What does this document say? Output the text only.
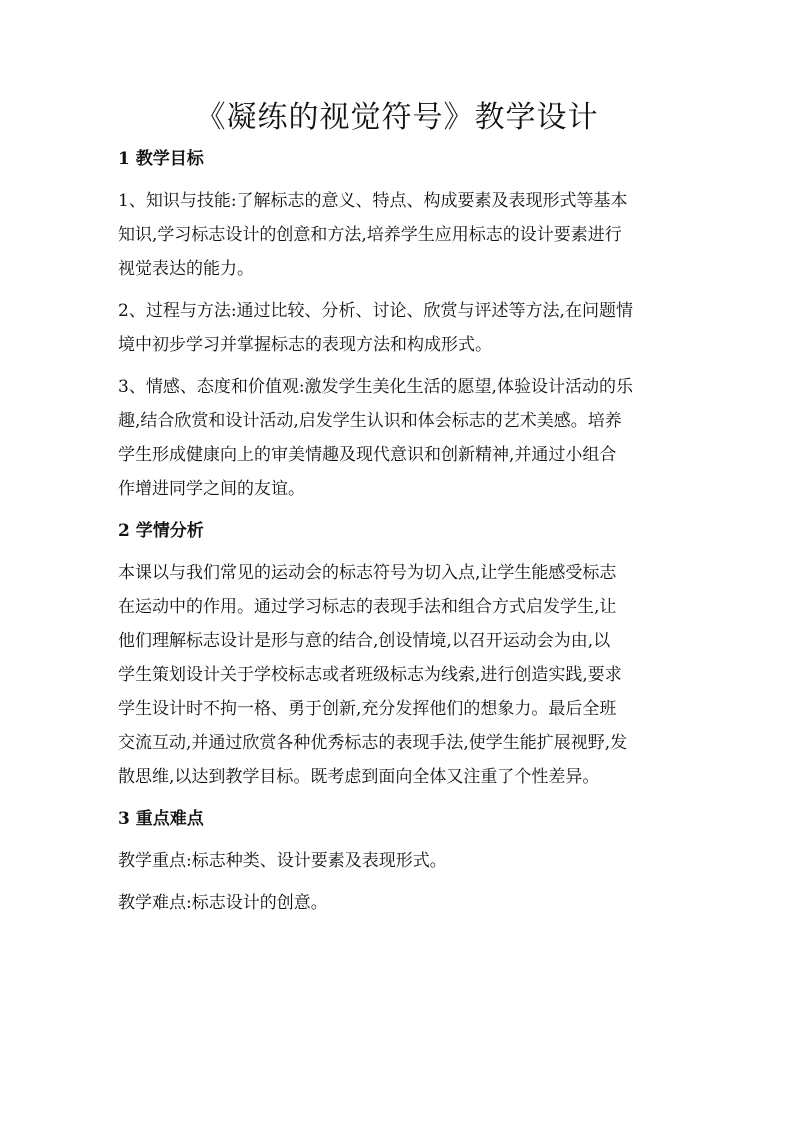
《凝练的视觉符号》教学设计
1 教学目标
1、知识与技能:了解标志的意义、特点、构成要素及表现形式等基本
知识,学习标志设计的创意和方法,培养学生应用标志的设计要素进行
视觉表达的能力。
2、过程与方法:通过比较、分析、讨论、欣赏与评述等方法,在问题情
境中初步学习并掌握标志的表现方法和构成形式。
3、情感、态度和价值观:激发学生美化生活的愿望,体验设计活动的乐
趣,结合欣赏和设计活动,启发学生认识和体会标志的艺术美感。培养
学生形成健康向上的审美情趣及现代意识和创新精神,并通过小组合
作增进同学之间的友谊。
2 学情分析
本课以与我们常见的运动会的标志符号为切入点,让学生能感受标志
在运动中的作用。通过学习标志的表现手法和组合方式启发学生,让
他们理解标志设计是形与意的结合,创设情境,以召开运动会为由,以
学生策划设计关于学校标志或者班级标志为线索,进行创造实践,要求
学生设计时不拘一格、勇于创新,充分发挥他们的想象力。最后全班
交流互动,并通过欣赏各种优秀标志的表现手法,使学生能扩展视野,发
散思维,以达到教学目标。既考虑到面向全体又注重了个性差异。
3 重点难点
教学重点:标志种类、设计要素及表现形式。
教学难点:标志设计的创意。
